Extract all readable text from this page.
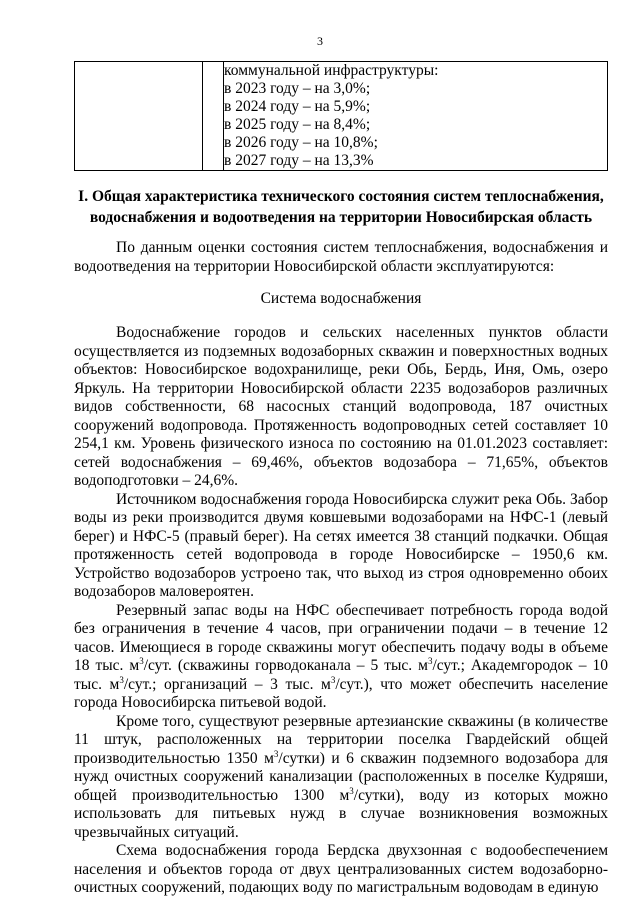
3

коммунальной инфраструктуры:
в 2023 году – на 3,0%;
в 2024 году – на 5,9%;
в 2025 году – на 8,4%;
в 2026 году – на 10,8%;
в 2027 году – на 13,3%
I. Общая характеристика технического состояния систем теплоснабжения, водоснабжения и водоотведения на территории Новосибирская область

По данным оценки состояния систем теплоснабжения, водоснабжения и водоотведения на территории Новосибирской области эксплуатируются:

Система водоснабжения

Водоснабжение городов и сельских населенных пунктов области осуществляется из подземных водозаборных скважин и поверхностных водных объектов: Новосибирское водохранилище, реки Обь, Бердь, Иня, Омь, озеро Яркуль. На территории Новосибирской области 2235 водозаборов различных видов собственности, 68 насосных станций водопровода, 187 очистных сооружений водопровода. Протяженность водопроводных сетей составляет 10 254,1 км. Уровень физического износа по состоянию на 01.01.2023 составляет: сетей водоснабжения – 69,46%, объектов водозабора – 71,65%, объектов водоподготовки – 24,6%.

Источником водоснабжения города Новосибирска служит река Обь. Забор воды из реки производится двумя ковшевыми водозаборами на НФС-1 (левый берег) и НФС-5 (правый берег). На сетях имеется 38 станций подкачки. Общая протяженность сетей водопровода в городе Новосибирске – 1950,6 км. Устройство водозаборов устроено так, что выход из строя одновременно обоих водозаборов маловероятен.

Резервный запас воды на НФС обеспечивает потребность города водой без ограничения в течение 4 часов, при ограничении подачи – в течение 12 часов. Имеющиеся в городе скважины могут обеспечить подачу воды в объеме 18 тыс. $м^3$/сут. (скважины горводоканала – 5 тыс. $м^3$/сут.; Академгородок – 10 тыс. $м^3$/сут.; организаций – 3 тыс. $м^3/сут$.), что может обеспечить население города Новосибирска питьевой водой.

Кроме того, существуют резервные артезианские скважины (в количестве 11 штук, расположенных на территории поселка Гвардейский общей производительностью 1350 $м^3/сутки$) и 6 скважин подземного водозабора для нужд очистных сооружений канализации (расположенных в поселке Кудряши, общей производительностью 1300 $м^3/сутки$), воду из которых можно использовать для питьевых нужд в случае возникновения возможных чрезвычайных ситуаций.

Схема водоснабжения города Бердска двухзонная с водообеспечением населения и объектов города от двух централизованных систем водозаборно-очистных сооружений, подающих воду по магистральным водоводам в единую
